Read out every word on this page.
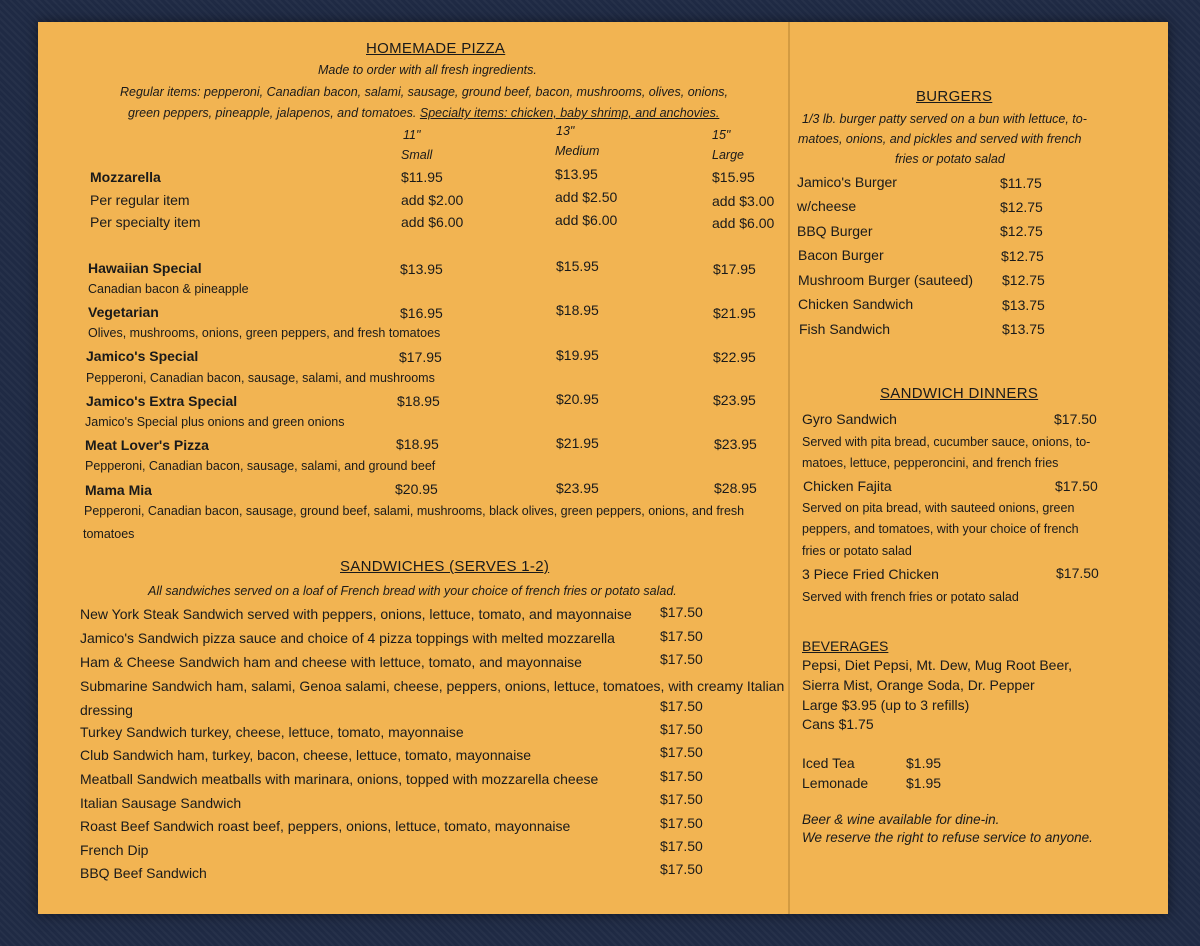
HOMEMADE PIZZA
Made to order with all fresh ingredients.
Regular items: pepperoni, Canadian bacon, salami, sausage, ground beef, bacon, mushrooms, olives, onions,
green peppers, pineapple, jalapenos, and tomatoes. Specialty items: chicken, baby shrimp, and anchovies.
11"
Small
13"
Medium
15"
Large
Mozzarella	$11.95	$13.95	$15.95
Per regular item	add $2.00	add $2.50	add $3.00
Per specialty item	add $6.00	add $6.00	add $6.00
Hawaiian Special	$13.95	$15.95	$17.95
Canadian bacon & pineapple
Vegetarian	$16.95	$18.95	$21.95
Olives, mushrooms, onions, green peppers, and fresh tomatoes
Jamico's Special	$17.95	$19.95	$22.95
Pepperoni, Canadian bacon, sausage, salami, and mushrooms
Jamico's Extra Special	$18.95	$20.95	$23.95
Jamico's Special plus onions and green onions
Meat Lover's Pizza	$18.95	$21.95	$23.95
Pepperoni, Canadian bacon, sausage, salami, and ground beef
Mama Mia	$20.95	$23.95	$28.95
Pepperoni, Canadian bacon, sausage, ground beef, salami, mushrooms, black olives, green peppers, onions, and fresh
tomatoes
SANDWICHES (SERVES 1-2)
All sandwiches served on a loaf of French bread with your choice of french fries or potato salad.
New York Steak Sandwich served with peppers, onions, lettuce, tomato, and mayonnaise $17.50
Jamico's Sandwich pizza sauce and choice of 4 pizza toppings with melted mozzarella	$17.50
Ham & Cheese Sandwich ham and cheese with lettuce, tomato, and mayonnaise	$17.50
Submarine Sandwich ham, salami, Genoa salami, cheese, peppers, onions, lettuce, tomatoes, with creamy Italian
dressing	$17.50
Turkey Sandwich turkey, cheese, lettuce, tomato, mayonnaise	$17.50
Club Sandwich ham, turkey, bacon, cheese, lettuce, tomato, mayonnaise	$17.50
Meatball Sandwich meatballs with marinara, onions, topped with mozzarella cheese	$17.50
Italian Sausage Sandwich	$17.50
Roast Beef Sandwich roast beef, peppers, onions, lettuce, tomato, mayonnaise	$17.50
French Dip	$17.50
BBQ Beef Sandwich	$17.50
BURGERS
1/3 lb. burger patty served on a bun with lettuce, to-
matoes, onions, and pickles and served with french
fries or potato salad
Jamico's Burger	$11.75
w/cheese	$12.75
BBQ Burger	$12.75
Bacon Burger	$12.75
Mushroom Burger (sauteed) $12.75
Chicken Sandwich	$13.75
Fish Sandwich	$13.75
SANDWICH DINNERS
Gyro Sandwich	$17.50
Served with pita bread, cucumber sauce, onions, to-
matoes, lettuce, pepperoncini, and french fries
Chicken Fajita	$17.50
Served on pita bread, with sauteed onions, green
peppers, and tomatoes, with your choice of french
fries or potato salad
3 Piece Fried Chicken	$17.50
Served with french fries or potato salad
BEVERAGES
Pepsi, Diet Pepsi, Mt. Dew, Mug Root Beer,
Sierra Mist, Orange Soda, Dr. Pepper
Large $3.95 (up to 3 refills)
Cans $1.75
Iced Tea	$1.95
Lemonade	$1.95
Beer & wine available for dine-in.
We reserve the right to refuse service to anyone.
